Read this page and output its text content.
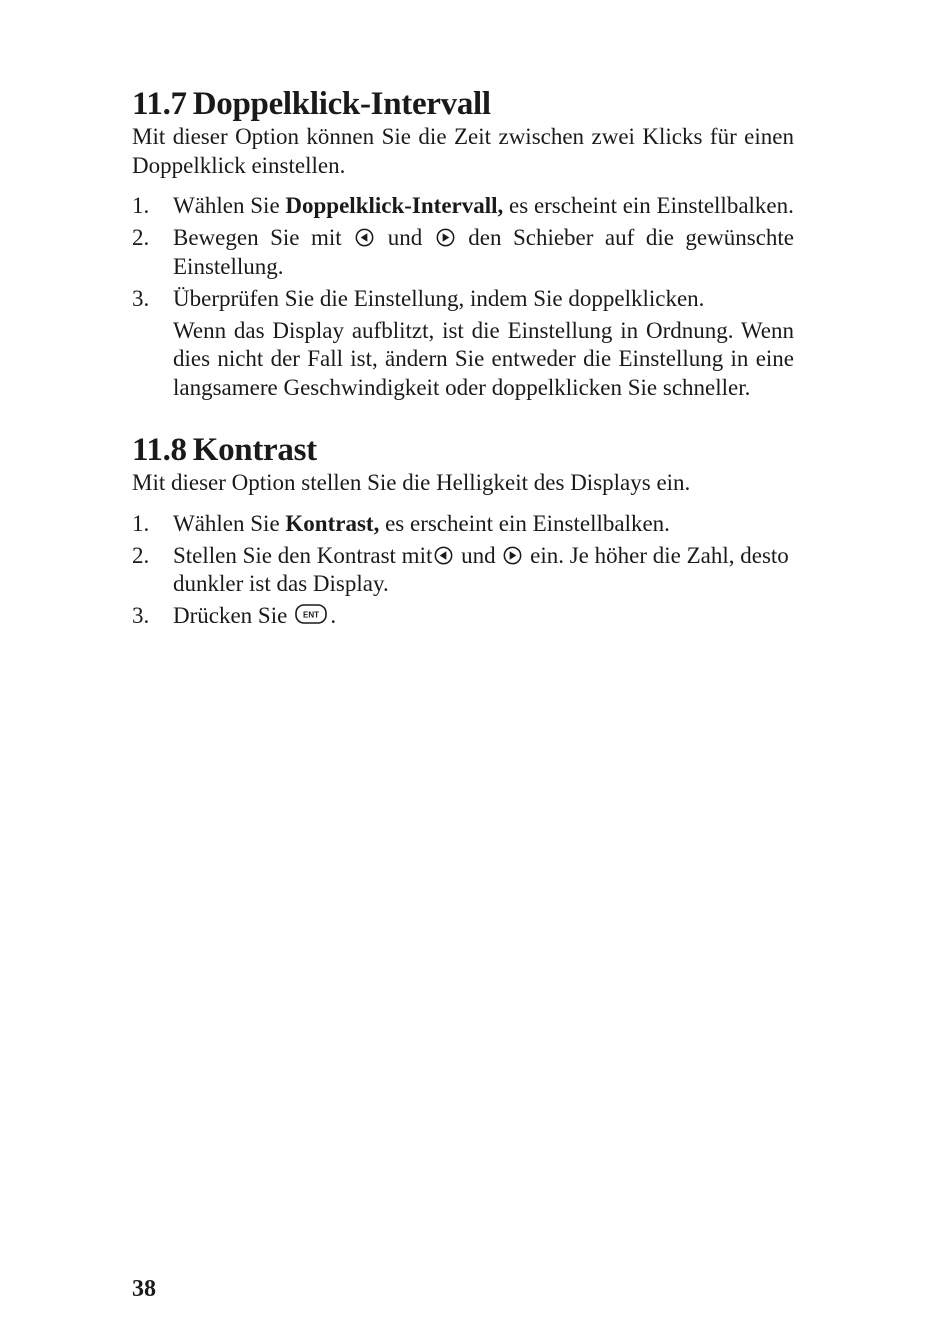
11.7 Doppelklick-Intervall

Mit dieser Option können Sie die Zeit zwischen zwei Klicks für einen Doppelklick einstellen.

1. Wählen Sie Doppelklick-Intervall, es erscheint ein Einstellbalken.
2. Bewegen Sie mit und den Schieber auf die gewünschte Einstellung.
3. Überprüfen Sie die Einstellung, indem Sie doppelklicken.

Wenn das Display aufblitzt, ist die Einstellung in Ordnung. Wenn dies nicht der Fall ist, ändern Sie entweder die Einstellung in eine langsamere Geschwindigkeit oder doppelklicken Sie schneller.

11.8 Kontrast

Mit dieser Option stellen Sie die Helligkeit des Displays ein.

1. Wählen Sie Kontrast, es erscheint ein Einstellbalken.
2. Stellen Sie den Kontrast mit und ein. Je höher die Zahl, desto dunkler ist das Display.
3. Drücken Sie ENT .
38
